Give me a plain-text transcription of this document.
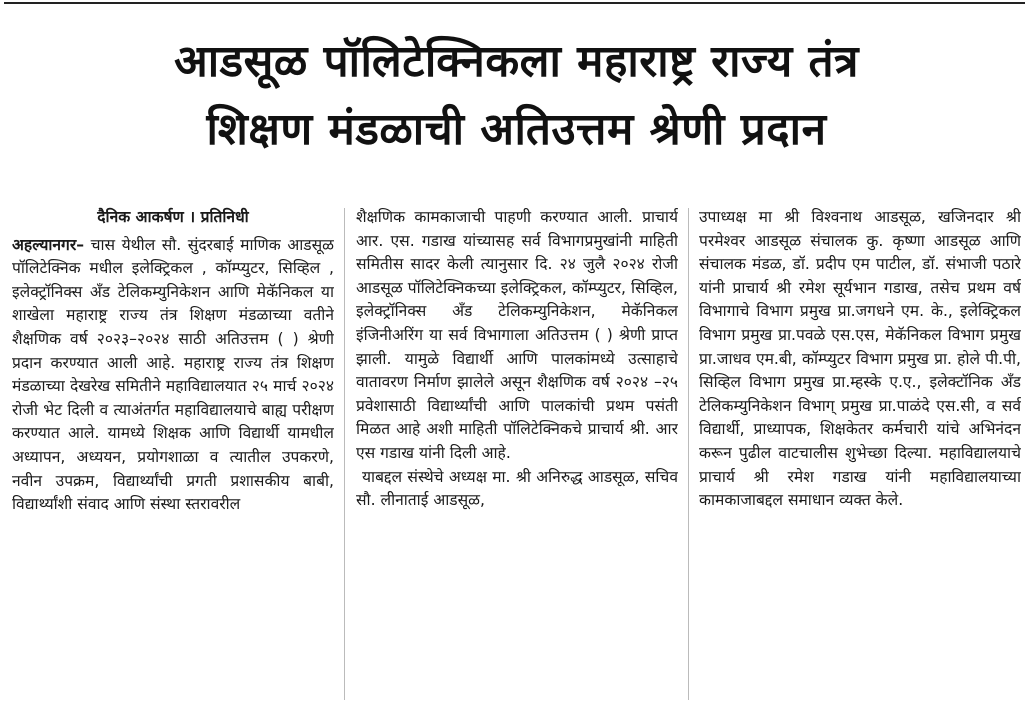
आडसूळ पॉलिटेक्निकला महाराष्ट्र राज्य तंत्र
शिक्षण मंडळाची अतिउत्तम श्रेणी प्रदान
दैनिक आकर्षण । प्रतिनिधी

अहल्यानगर– चास येथील सौ. सुंदरबाई माणिक आडसूळ पॉलिटेक्निक मधील इलेक्ट्रिकल , कॉम्प्युटर, सिव्हिल , इलेक्ट्रॉनिक्स अँड टेलिकम्युनिकेशन आणि मेकॅनिकल या शाखेला महाराष्ट्र राज्य तंत्र शिक्षण मंडळाच्या वतीने शैक्षणिक वर्ष २०२३–२०२४ साठी अतिउत्तम ( ) श्रेणी प्रदान करण्यात आली आहे. महाराष्ट्र राज्य तंत्र शिक्षण मंडळाच्या देखरेख समितीने महाविद्यालयात २५ मार्च २०२४ रोजी भेट दिली व त्याअंतर्गत महाविद्यालयाचे बाह्य परीक्षण करण्यात आले. यामध्ये शिक्षक आणि विद्यार्थी यामधील अध्यापन, अध्ययन, प्रयोगशाळा व त्यातील उपकरणे, नवीन उपक्रम, विद्यार्थ्यांची प्रगती प्रशासकीय बाबी, विद्यार्थ्यांशी संवाद आणि संस्था स्तरावरील

शैक्षणिक कामकाजाची पाहणी करण्यात आली. प्राचार्य आर. एस. गडाख यांच्यासह सर्व विभागप्रमुखांनी माहिती समितीस सादर केली त्यानुसार दि. २४ जुलै २०२४ रोजी आडसूळ पॉलिटेक्निकच्या इलेक्ट्रिकल, कॉम्प्युटर, सिव्हिल, इलेक्ट्रॉनिक्स अँड टेलिकम्युनिकेशन, मेकॅनिकल इंजिनीअरिंग या सर्व विभागाला अतिउत्तम ( ) श्रेणी प्राप्त झाली. यामुळे विद्यार्थी आणि पालकांमध्ये उत्साहाचे वातावरण निर्माण झालेले असून शैक्षणिक वर्ष २०२४ –२५ प्रवेशासाठी विद्यार्थ्यांची आणि पालकांची प्रथम पसंती मिळत आहे अशी माहिती पॉलिटेक्निकचे प्राचार्य श्री. आर एस गडाख यांनी दिली आहे.

याबद्दल संस्थेचे अध्यक्ष मा. श्री अनिरुद्ध आडसूळ, सचिव सौ. लीनाताई आडसूळ,

उपाध्यक्ष मा श्री विश्वनाथ आडसूळ, खजिनदार श्री परमेश्वर आडसूळ संचालक कु. कृष्णा आडसूळ आणि संचालक मंडळ, डॉ. प्रदीप एम पाटील, डॉ. संभाजी पठारे यांनी प्राचार्य श्री रमेश सूर्यभान गडाख, तसेच प्रथम वर्ष विभागाचे विभाग प्रमुख प्रा.जगधने एम. के., इलेक्ट्रिकल विभाग प्रमुख प्रा.पवळे एस.एस, मेकॅनिकल विभाग प्रमुख प्रा.जाधव एम.बी, कॉम्प्युटर विभाग प्रमुख प्रा. होले पी.पी, सिव्हिल विभाग प्रमुख प्रा.म्हस्के ए.ए., इलेक्टॉनिक अँड टेलिकम्युनिकेशन विभाग् प्रमुख प्रा.पाळंदे एस.सी, व सर्व विद्यार्थी, प्राध्यापक, शिक्षकेतर कर्मचारी यांचे अभिनंदन करून पुढील वाटचालीस शुभेच्छा दिल्या. महाविद्यालयाचे प्राचार्य श्री रमेश गडाख यांनी महाविद्यालयाच्या कामकाजाबद्दल समाधान व्यक्त केले.
